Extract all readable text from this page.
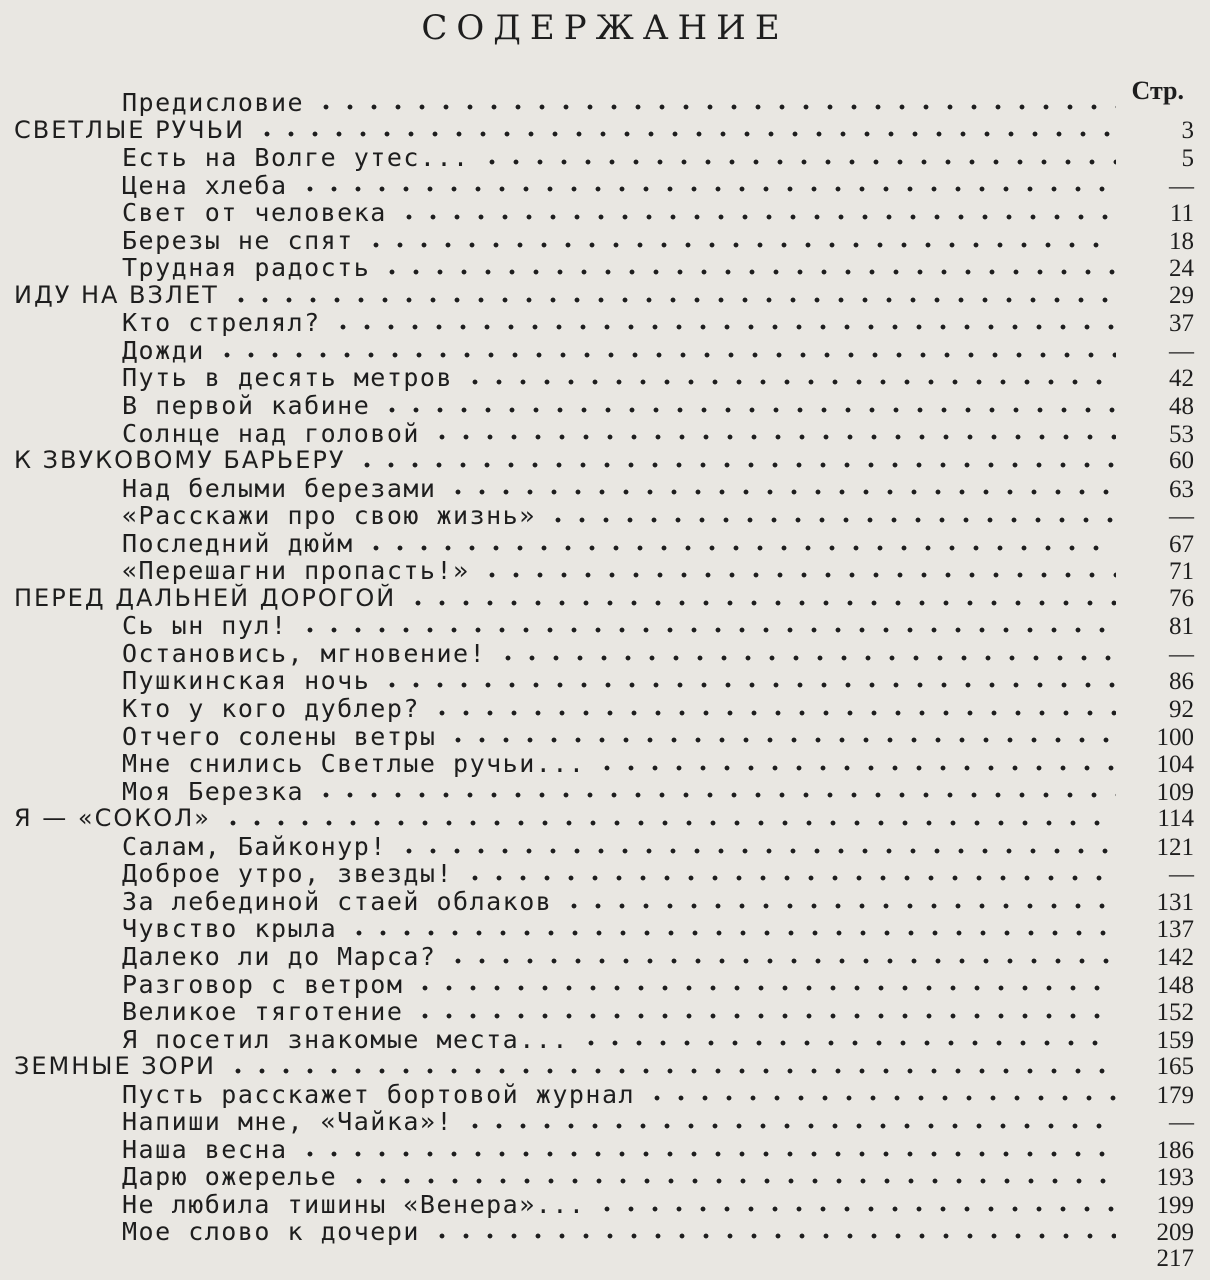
СОДЕРЖАНИЕ
Стр.
Предисловие
СВЕТЛЫЕ РУЧЬИ	3
Есть на Волге утес...	5
Цена хлеба	—
Свет от человека	11
Березы не спят	18
Трудная радость	24
ИДУ НА ВЗЛЕТ	29
Кто стрелял?	37
Дожди	—
Путь в десять метров	42
В первой кабине	48
Солнце над головой	53
К ЗВУКОВОМУ БАРЬЕРУ	60
Над белыми березами	63
«Расскажи про свою жизнь»	—
Последний дюйм	67
«Перешагни пропасть!»	71
ПЕРЕД ДАЛЬНЕЙ ДОРОГОЙ	76
Сь ын пул!	81
Остановись, мгновение!	—
Пушкинская ночь	86
Кто у кого дублер?	92
Отчего солены ветры	100
Мне снились Светлые ручьи...	104
Моя Березка	109
Я — «СОКОЛ»	114
Салам, Байконур!	121
Доброе утро, звезды!	—
За лебединой стаей облаков	131
Чувство крыла	137
Далеко ли до Марса?	142
Разговор с ветром	148
Великое тяготение	152
Я посетил знакомые места...	159
ЗЕМНЫЕ ЗОРИ	165
Пусть расскажет бортовой журнал	179
Напиши мне, «Чайка»!	—
Наша весна	186
Дарю ожерелье	193
Не любила тишины «Венера»...	199
Мое слово к дочери	209
217
